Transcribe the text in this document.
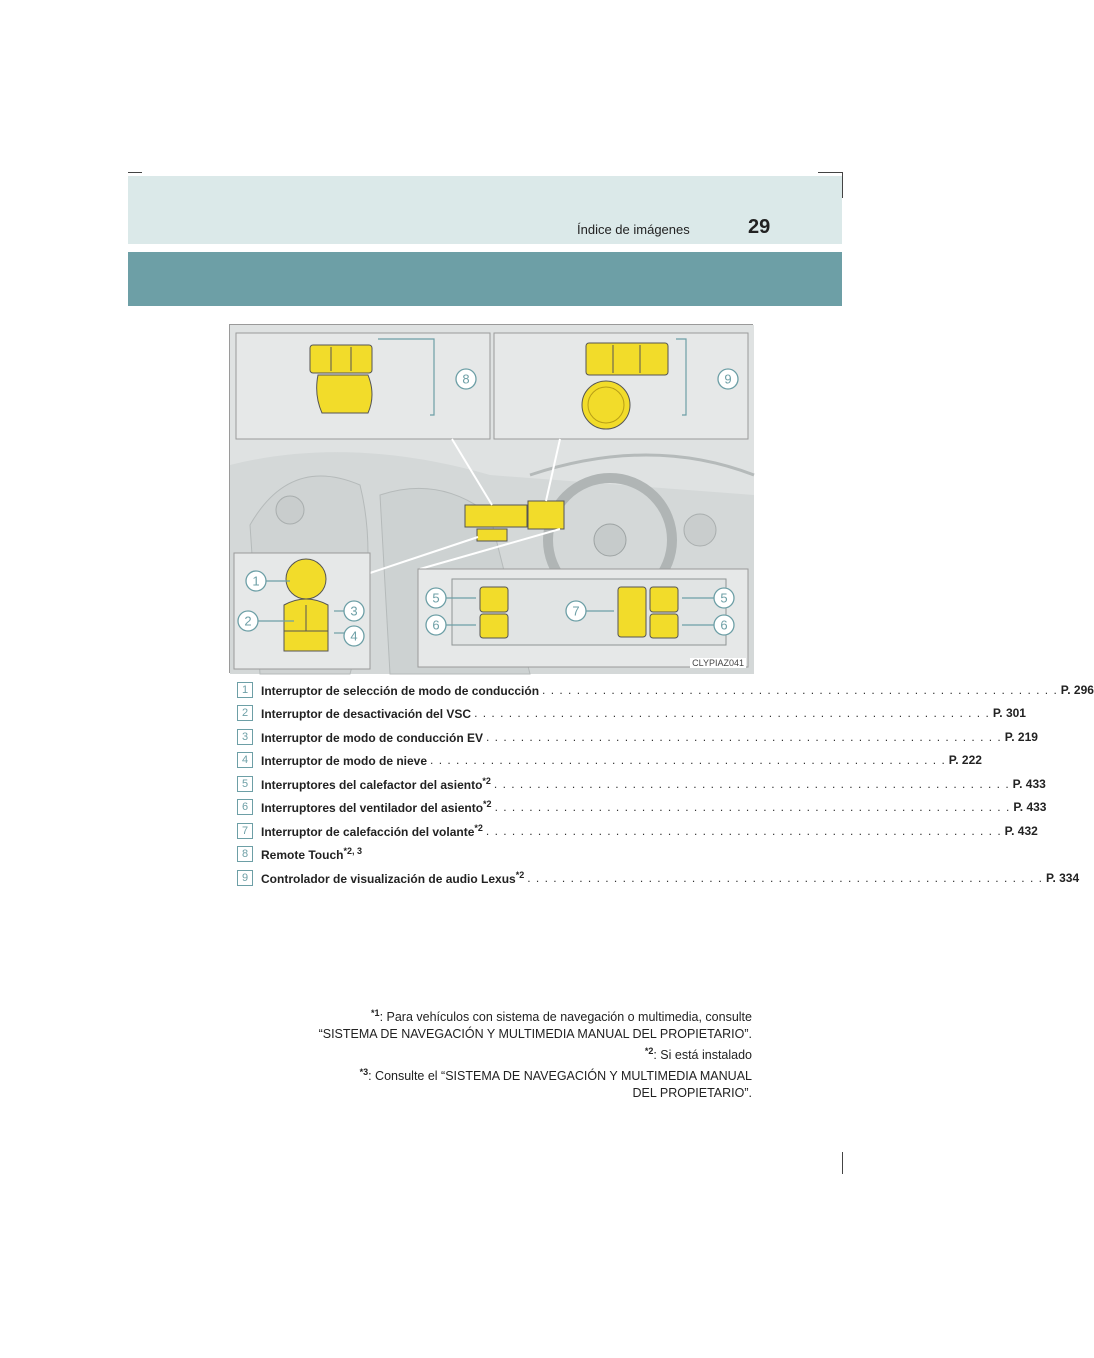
Índice de imágenes	29
8	9
1
2
3
4
5	5
6	6
7
CLYPIAZ041
1	Interruptor de selección de modo de conducción . . . . . . . . . . . . . . . . . . . . . . . . . . . . . . . . . . . . . . . . . . . . . . . . . . . . . . . . . . . . P. 296
2	Interruptor de desactivación del VSC . . . . . . . . . . . . . . . . . . . . . . . . . . . . . . . . . . . . . . . . . . . . . . . . . . . . . . . . . . . . P. 301
3	Interruptor de modo de conducción EV . . . . . . . . . . . . . . . . . . . . . . . . . . . . . . . . . . . . . . . . . . . . . . . . . . . . . . . . . . . . P. 219
4	Interruptor de modo de nieve . . . . . . . . . . . . . . . . . . . . . . . . . . . . . . . . . . . . . . . . . . . . . . . . . . . . . . . . . . . . P. 222
5	Interruptores del calefactor del asiento$^{*2}$ . . . . . . . . . . . . . . . . . . . . . . . . . . . . . . . . . . . . . . . . . . . . . . . . . . . . . . . . . . . . P. 433
6	Interruptores del ventilador del asiento$^{*2}$ . . . . . . . . . . . . . . . . . . . . . . . . . . . . . . . . . . . . . . . . . . . . . . . . . . . . . . . . . . . . P. 433
7	Interruptor de calefacción del volante$^{*2}$ . . . . . . . . . . . . . . . . . . . . . . . . . . . . . . . . . . . . . . . . . . . . . . . . . . . . . . . . . . . . P. 432
8	Remote Touch$^{*2, 3}$
9	Controlador de visualización de audio Lexus$^{*2}$ . . . . . . . . . . . . . . . . . . . . . . . . . . . . . . . . . . . . . . . . . . . . . . . . . . . . . . . . . . . . P. 334
$^{*1}$: Para vehículos con sistema de navegación o multimedia, consulte
“SISTEMA DE NAVEGACIÓN Y MULTIMEDIA MANUAL DEL PROPIETARIO”.
$^{*2}$: Si está instalado
$^{*3}$: Consulte el “SISTEMA DE NAVEGACIÓN Y MULTIMEDIA MANUAL
DEL PROPIETARIO”.
